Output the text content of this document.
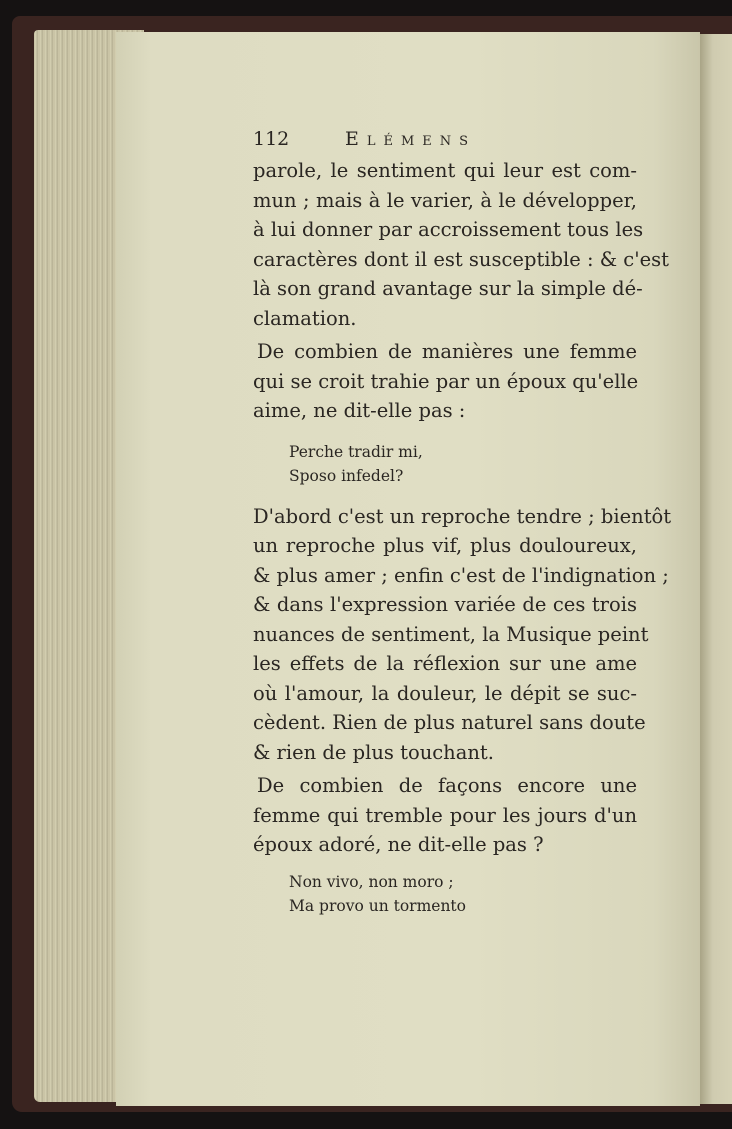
112	Elémens
parole, le sentiment qui leur est com-
mun ; mais à le varier, à le développer,
à lui donner par accroissement tous les
caractères dont il est susceptible : & c'est
là son grand avantage sur la simple dé-
clamation.
De combien de manières une femme
qui se croit trahie par un époux qu'elle
aime, ne dit-elle pas :
Perche tradir mi,
Sposo infedel?
D'abord c'est un reproche tendre ; bientôt
un reproche plus vif, plus douloureux,
& plus amer ; enfin c'est de l'indignation ;
& dans l'expression variée de ces trois
nuances de sentiment, la Musique peint
les effets de la réflexion sur une ame
où l'amour, la douleur, le dépit se suc-
cèdent. Rien de plus naturel sans doute
& rien de plus touchant.
De combien de façons encore une
femme qui tremble pour les jours d'un
époux adoré, ne dit-elle pas ?
Non vivo, non moro ;
Ma provo un tormento
